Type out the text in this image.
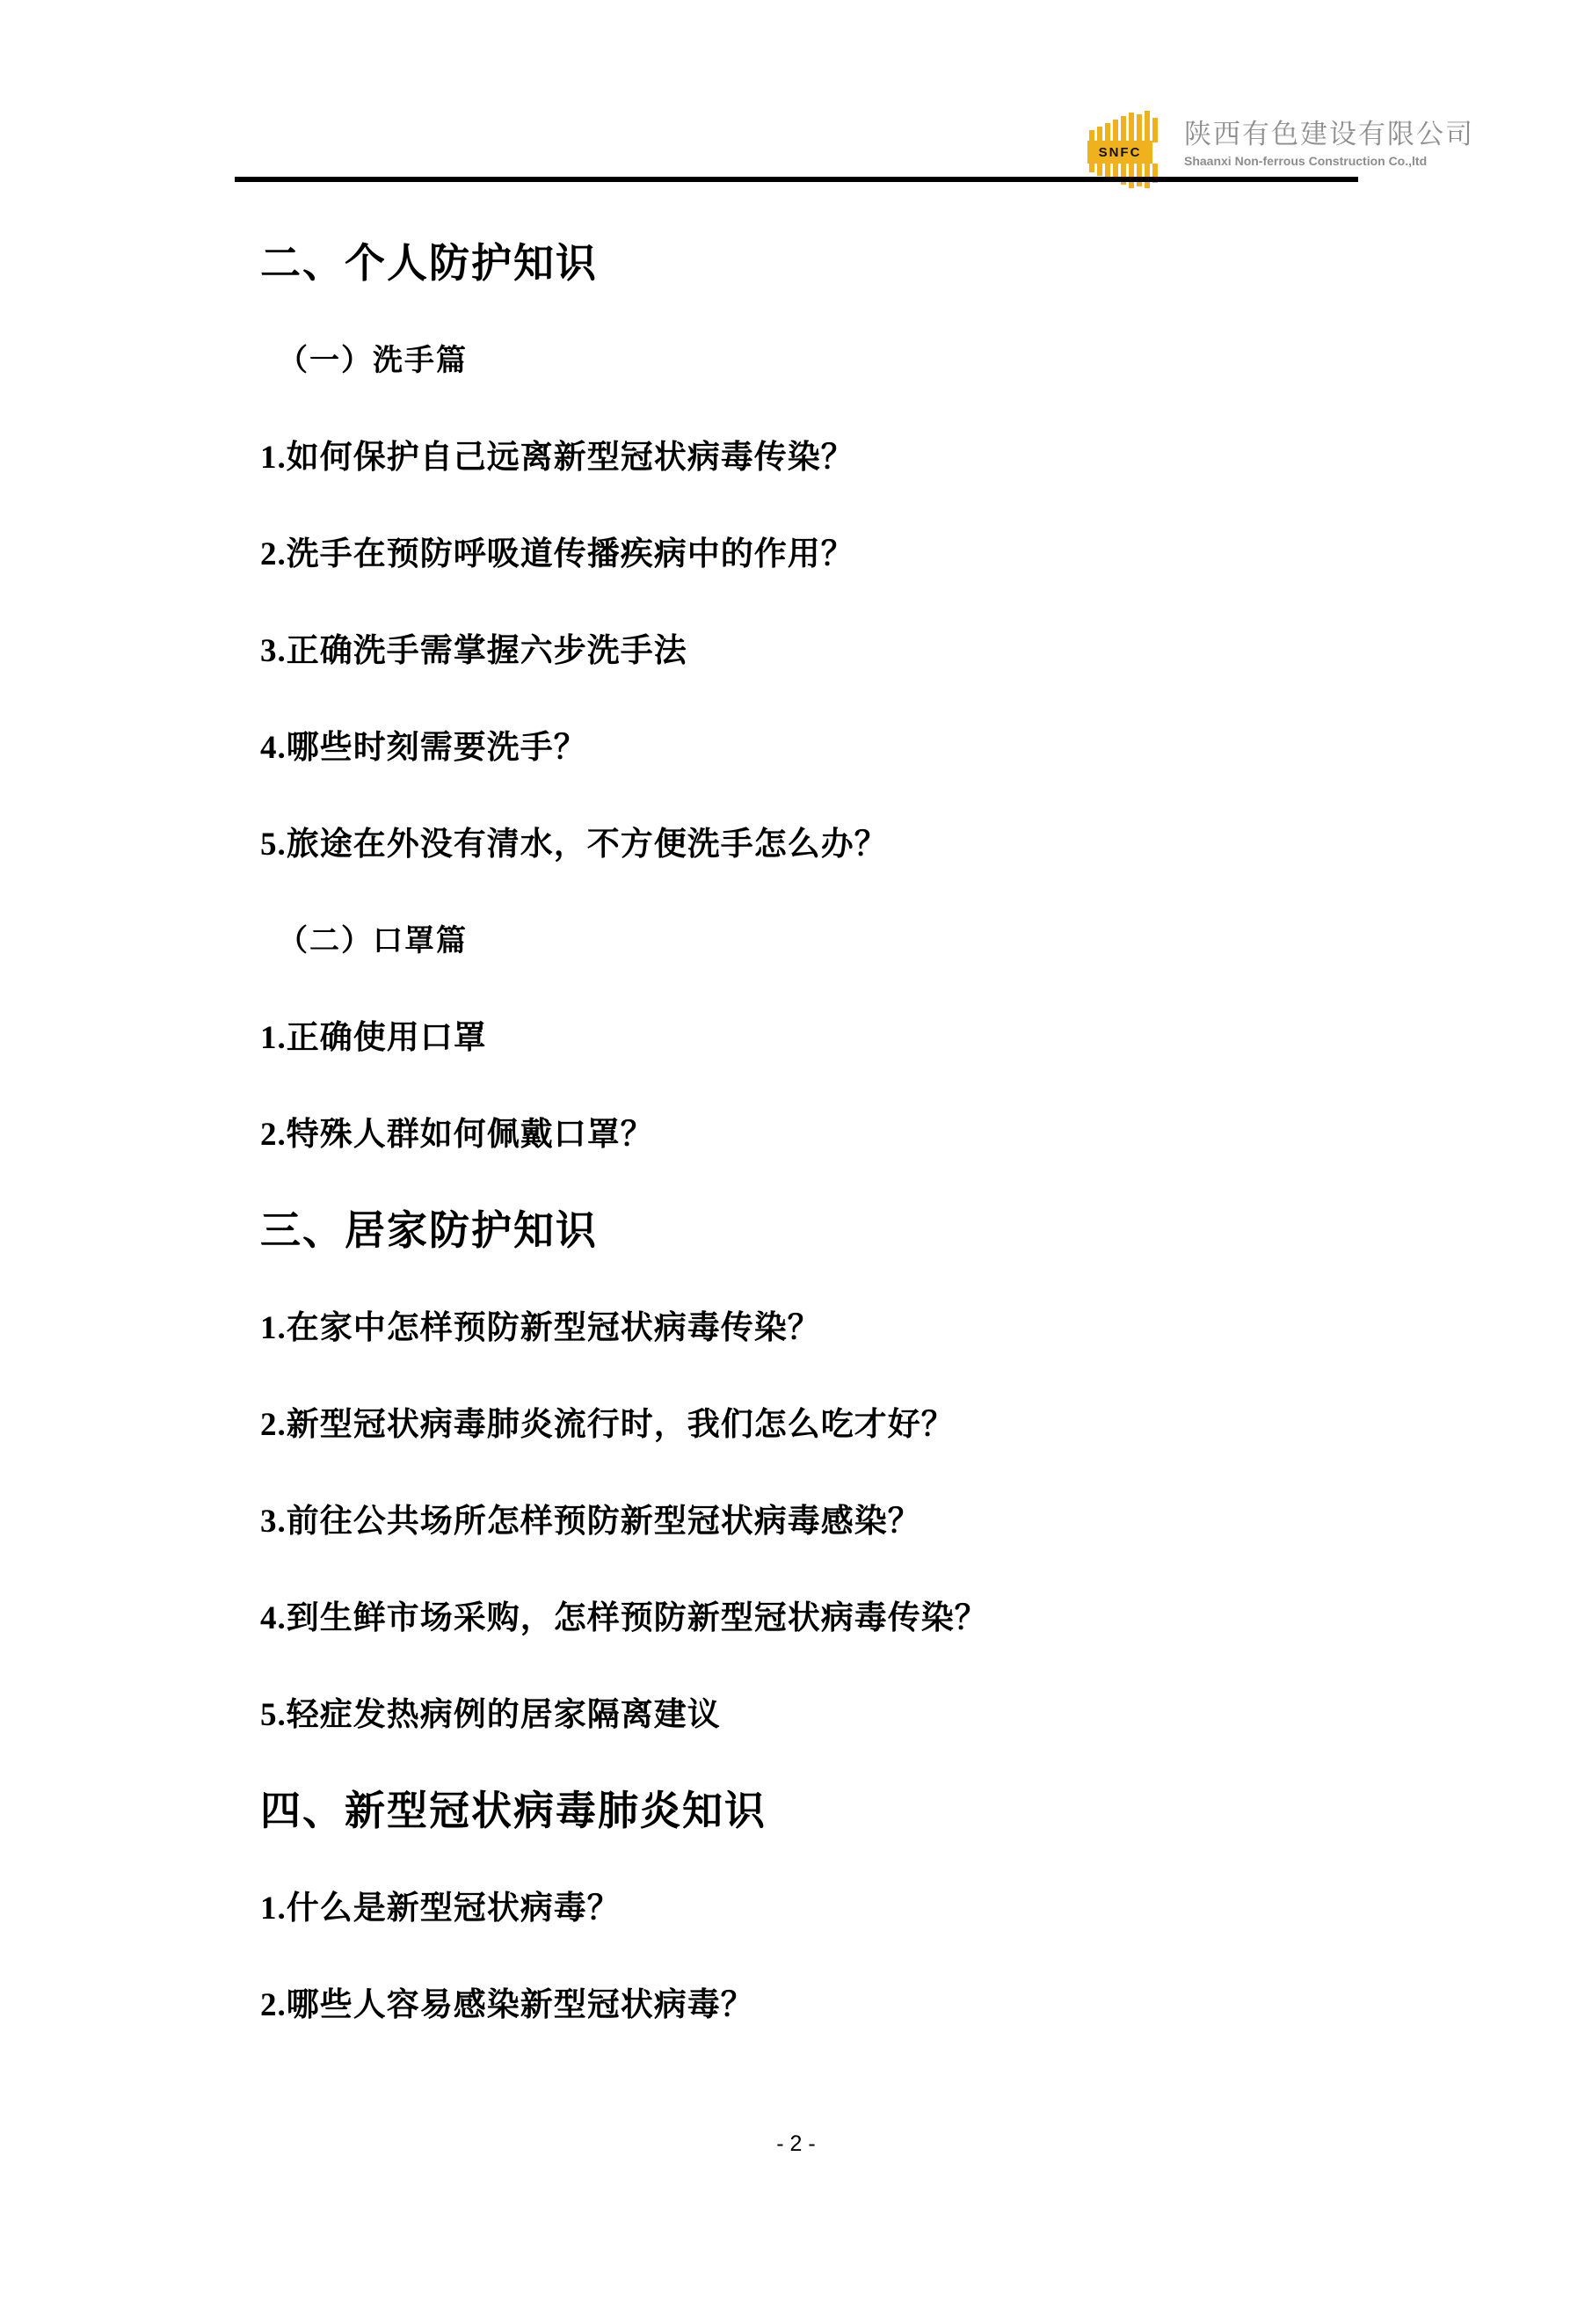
SNFC
陕西有色建设有限公司
Shaanxi Non-ferrous Construction Co.,ltd
二、个人防护知识
（一）洗手篇
1.如何保护自己远离新型冠状病毒传染？
2.洗手在预防呼吸道传播疾病中的作用？
3.正确洗手需掌握六步洗手法
4.哪些时刻需要洗手？
5.旅途在外没有清水，不方便洗手怎么办？
（二）口罩篇
1.正确使用口罩
2.特殊人群如何佩戴口罩？
三、居家防护知识
1.在家中怎样预防新型冠状病毒传染？
2.新型冠状病毒肺炎流行时，我们怎么吃才好？
3.前往公共场所怎样预防新型冠状病毒感染？
4.到生鲜市场采购，怎样预防新型冠状病毒传染？
5.轻症发热病例的居家隔离建议
四、新型冠状病毒肺炎知识
1.什么是新型冠状病毒？
2.哪些人容易感染新型冠状病毒？
- 2 -
